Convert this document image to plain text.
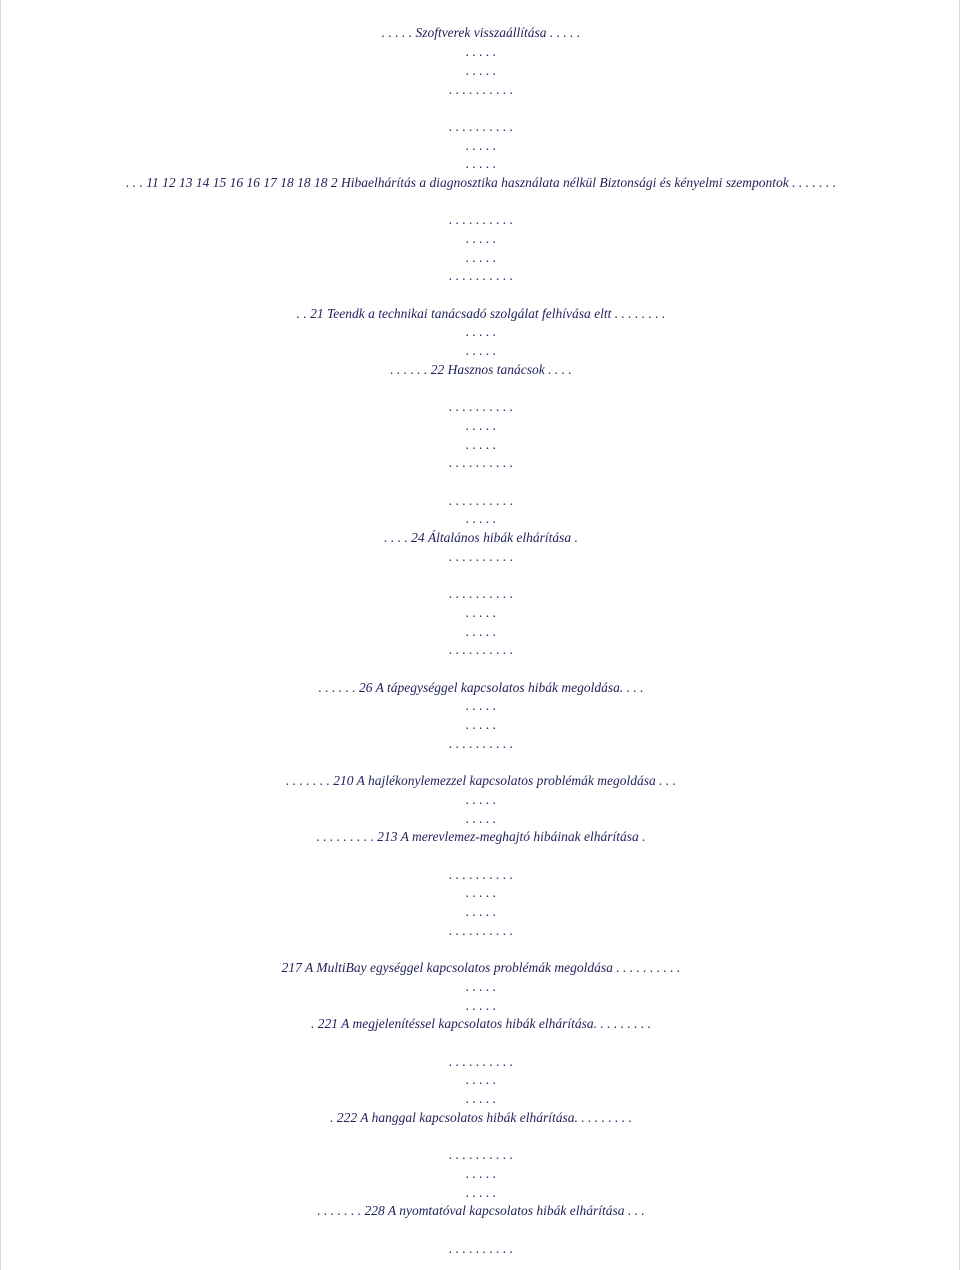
. . . . . Szoftverek visszaállítása . . . . .
. . . . .
. . . . .
. . . . . . . . . .
. . . . . . . . . .
. . . . .
. . . . .
. . . 11 12 13 14 15 16 16 17 18 18 18 2 Hibaelhárítás a diagnosztika használata nélkül Biztonsági és kényelmi szempontok . . . . . . .
. . . . . . . . . .
. . . . .
. . . . .
. . . . . . . . . .
. . 21 Teendk a technikai tanácsadó szolgálat felhívása eltt . . . . . . . .
. . . . .
. . . . .
. . . . . . 22 Hasznos tanácsok . . . .
. . . . . . . . . .
. . . . .
. . . . .
. . . . . . . . . .
. . . . . . . . . .
. . . . .
. . . . 24 Általános hibák elhárítása .
. . . . . . . . . .
. . . . . . . . . .
. . . . .
. . . . .
. . . . . . . . . .
. . . . . . 26 A tápegységgel kapcsolatos hibák megoldása. . . .
. . . . .
. . . . .
. . . . . . . . . .
. . . . . . . 210 A hajlékonylemezzel kapcsolatos problémák megoldása . . .
. . . . .
. . . . .
. . . . . . . . . 213 A merevlemez-meghajtó hibáinak elhárítása .
. . . . . . . . . .
. . . . .
. . . . .
. . . . . . . . . .
217 A MultiBay egységgel kapcsolatos problémák megoldása . . . . . . . . . .
. . . . .
. . . . .
. 221 A megjelenítéssel kapcsolatos hibák elhárítása. . . . . . . . .
. . . . . . . . . .
. . . . .
. . . . .
. 222 A hanggal kapcsolatos hibák elhárítása. . . . . . . . .
. . . . . . . . . .
. . . . .
. . . . .
. . . . . . . 228 A nyomtatóval kapcsolatos hibák elhárítása . . .
. . . . . . . . . .
